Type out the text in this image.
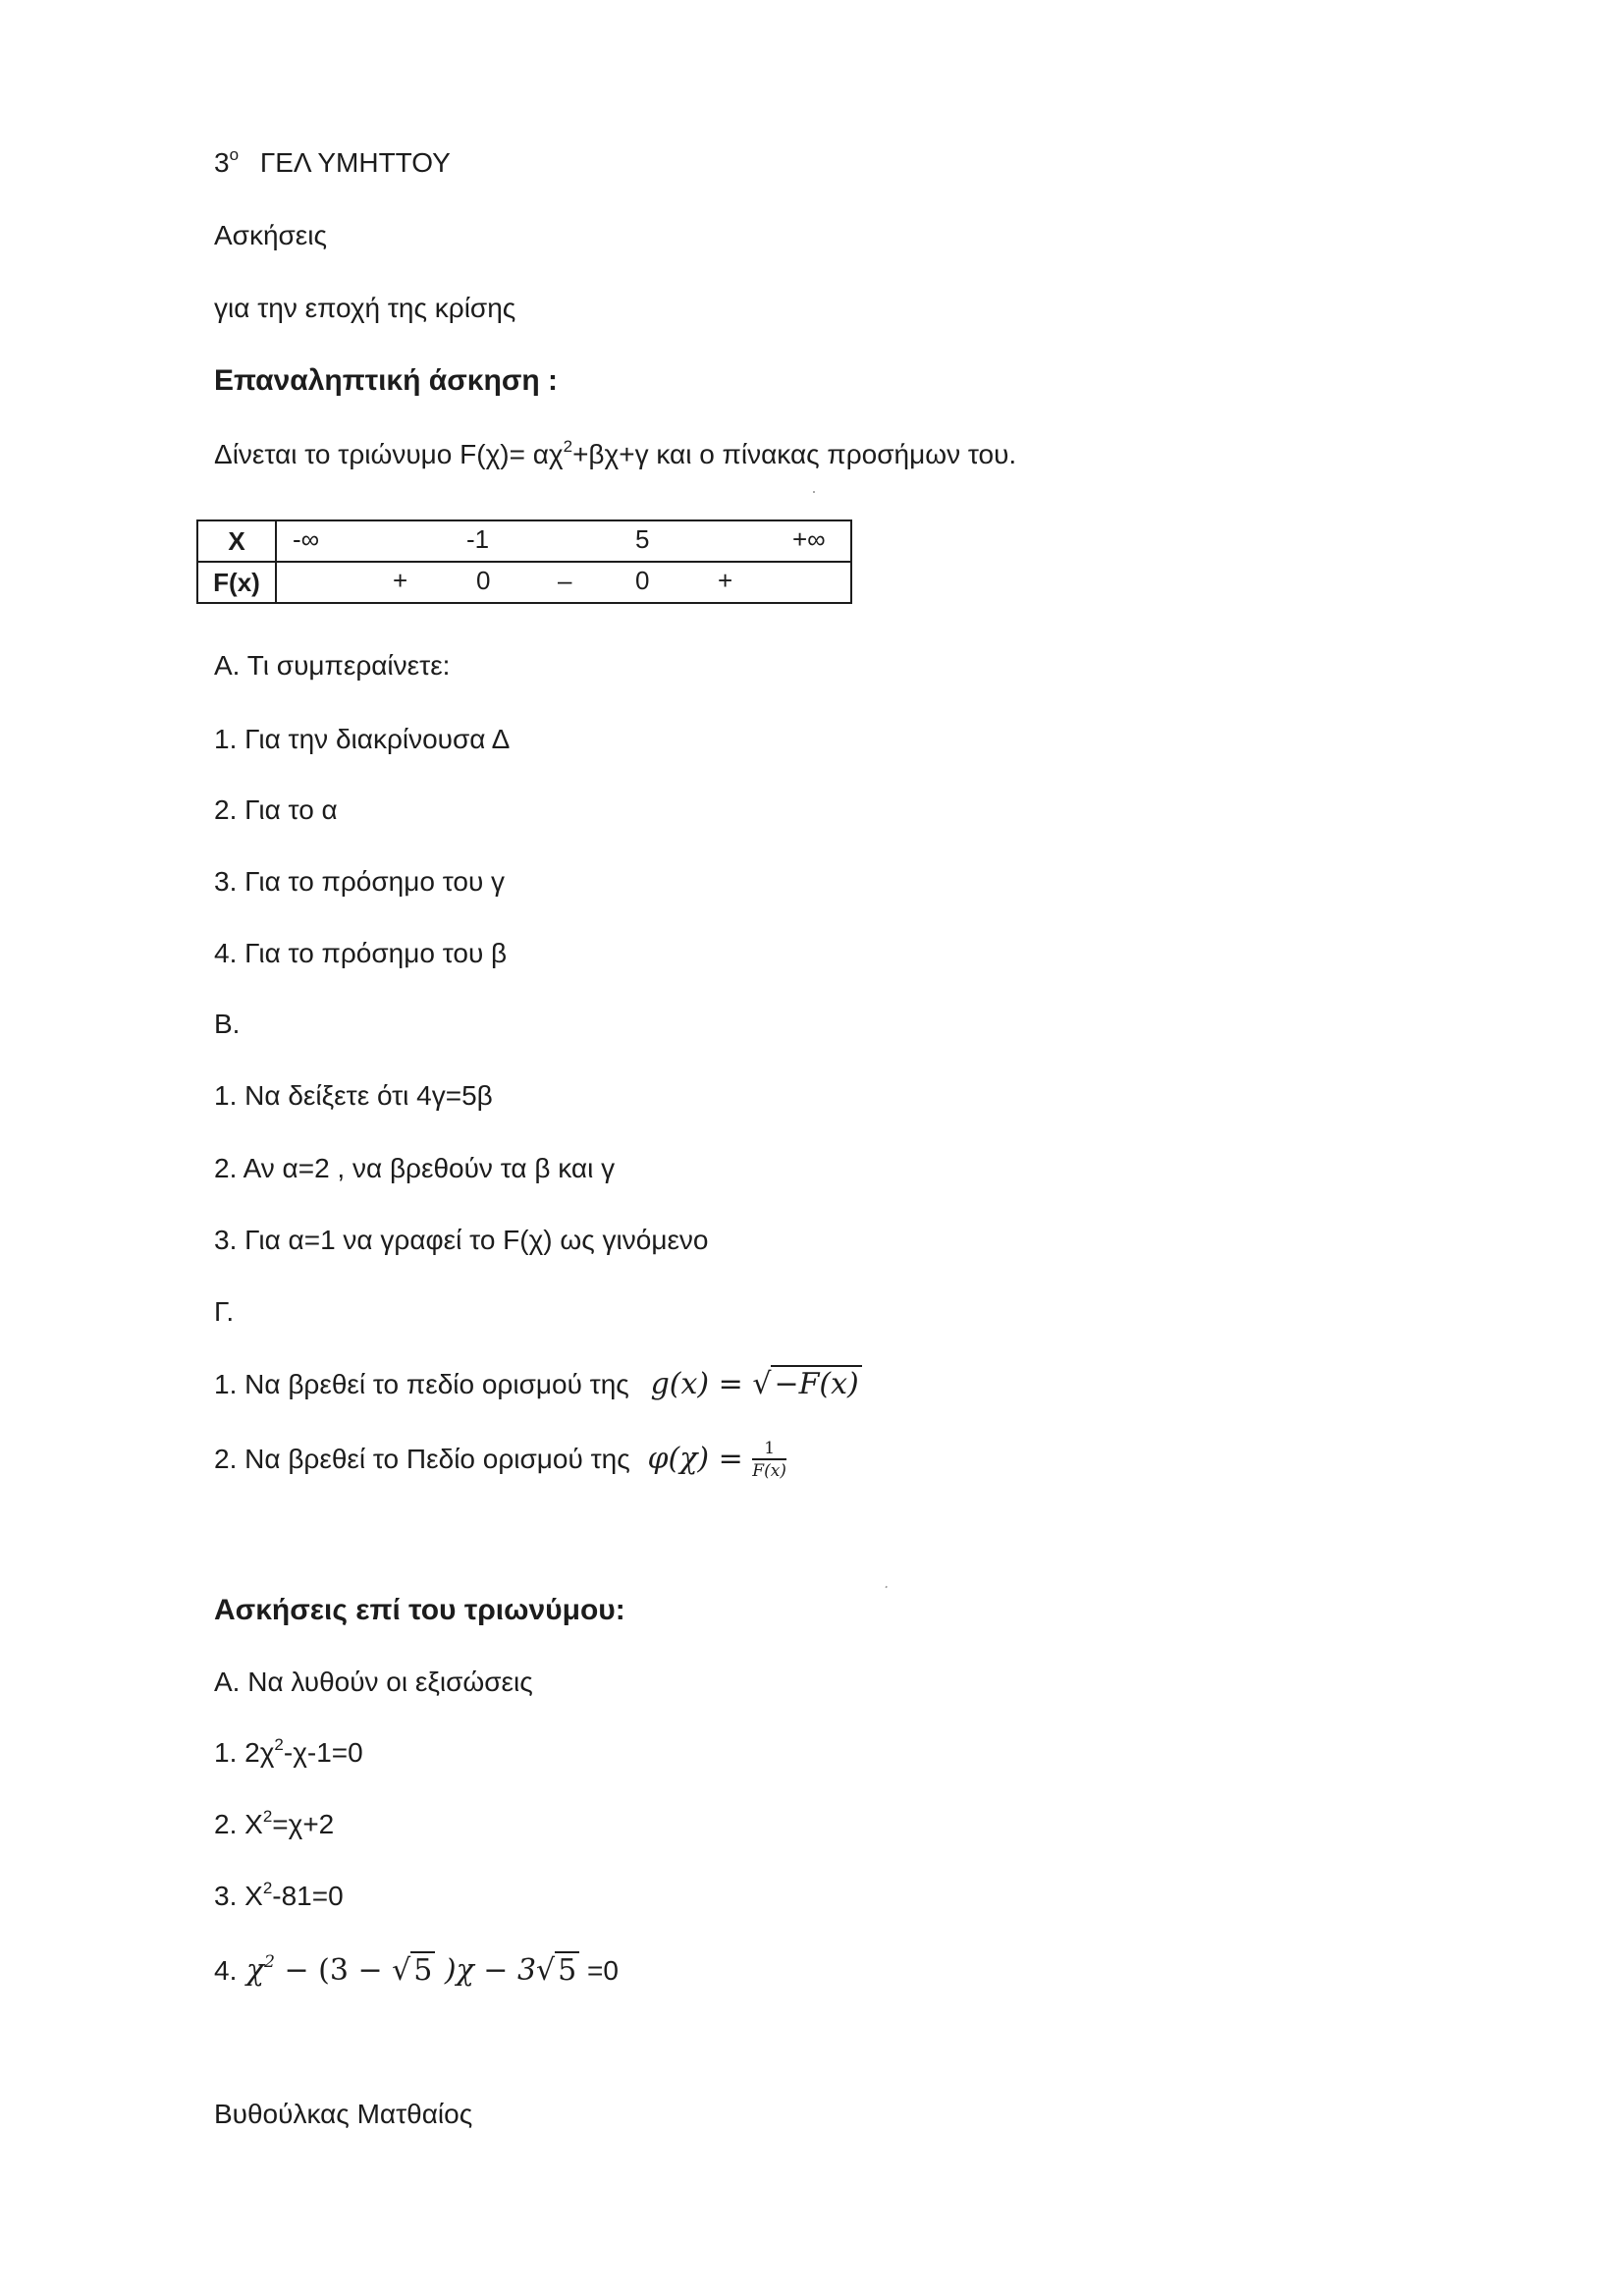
$3^o$ ΓΕΛ ΥΜΗΤΤΟΥ
Ασκήσεις
για την εποχή της κρίσης
Επαναληπτική άσκηση :
Δίνεται το τριώνυμο $F(\chi)= \alpha\chi^2+\beta\chi+\gamma$ και ο πίνακας προσήμων του.
Χ	-∞ -1 5 +∞

F(x)	+ 0 – 0 +
Α. Τι συμπεραίνετε:
1. Για την διακρίνουσα Δ
2. Για το α
3. Για το πρόσημο του γ
4. Για το πρόσημο του β
Β.
1. Να δείξετε ότι 4γ=5β
2. Αν α=2 , να βρεθούν τα β και γ
3. Για α=1 να γραφεί το F(χ) ως γινόμενο
Γ.
1. Να βρεθεί το πεδίο ορισμού της g(x) = √ −F(x)
2. Να βρεθεί το Πεδίο ορισμού της $\varphi(\chi) = \frac{1}{F(x)}$
Ασκήσεις επί του τριωνύμου:
Α. Να λυθούν οι εξισώσεις
1. $2\chi^2-\chi-1=0$
2. $X^2=\chi+2$
3. $X^2-81=0$
4. $\chi^2 - (3$ − √ 5 )χ − 3√ 5 =0
Βυθούλκας Ματθαίος
·
·
